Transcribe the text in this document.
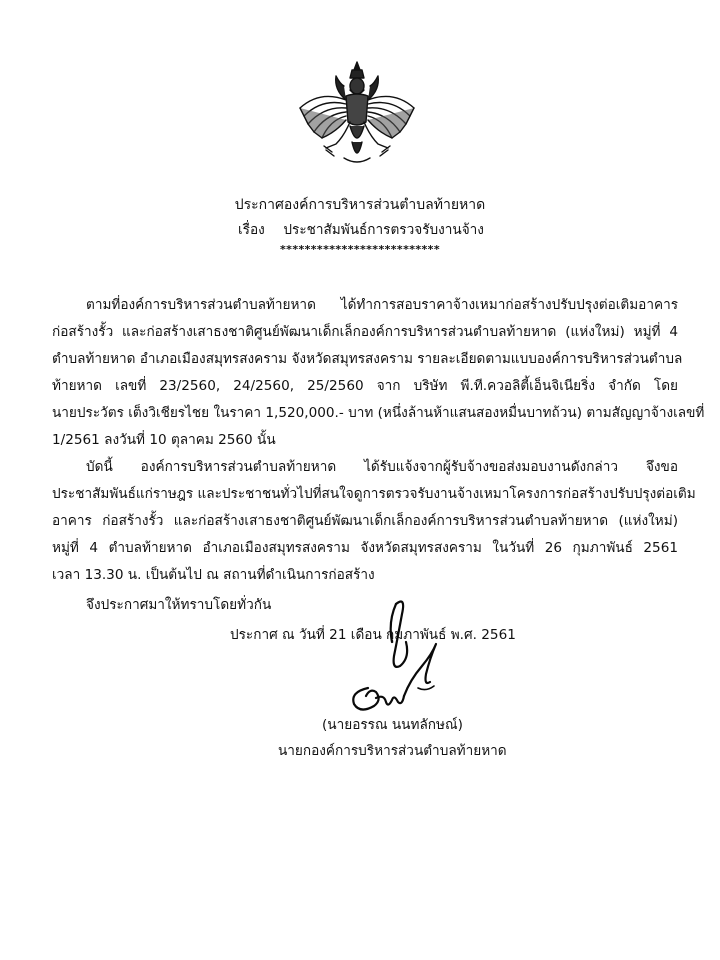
ประกาศองค์การบริหารส่วนตำบลท้ายหาด
เรื่อง ประชาสัมพันธ์การตรวจรับงานจ้าง
**************************
ตามที่องค์การบริหารส่วนตำบลท้ายหาด ได้ทำการสอบราคาจ้างเหมาก่อสร้างปรับปรุงต่อเติมอาคาร
ก่อสร้างรั้ว และก่อสร้างเสาธงชาติศูนย์พัฒนาเด็กเล็กองค์การบริหารส่วนตำบลท้ายหาด (แห่งใหม่) หมู่ที่ 4
ตำบลท้ายหาด อำเภอเมืองสมุทรสงคราม จังหวัดสมุทรสงคราม รายละเอียดตามแบบองค์การบริหารส่วนตำบล
ท้ายหาด เลขที่ 23/2560, 24/2560, 25/2560 จาก บริษัท พี.ที.ควอลิตี้เอ็นจิเนียริ่ง จำกัด โดย
นายประวัตร เต็งวิเชียรไชย ในราคา 1,520,000.- บาท (หนึ่งล้านห้าแสนสองหมื่นบาทถ้วน) ตามสัญญาจ้างเลขที่
1/2561 ลงวันที่ 10 ตุลาคม 2560 นั้น
บัดนี้ องค์การบริหารส่วนตำบลท้ายหาด ได้รับแจ้งจากผู้รับจ้างขอส่งมอบงานดังกล่าว จึงขอ
ประชาสัมพันธ์แก่ราษฎร และประชาชนทั่วไปที่สนใจดูการตรวจรับงานจ้างเหมาโครงการก่อสร้างปรับปรุงต่อเติม
อาคาร ก่อสร้างรั้ว และก่อสร้างเสาธงชาติศูนย์พัฒนาเด็กเล็กองค์การบริหารส่วนตำบลท้ายหาด (แห่งใหม่)
หมู่ที่ 4 ตำบลท้ายหาด อำเภอเมืองสมุทรสงคราม จังหวัดสมุทรสงคราม ในวันที่ 26 กุมภาพันธ์ 2561
เวลา 13.30 น. เป็นต้นไป ณ สถานที่ดำเนินการก่อสร้าง
จึงประกาศมาให้ทราบโดยทั่วกัน
ประกาศ ณ วันที่ 21 เดือน กุมภาพันธ์ พ.ศ. 2561
(นายอรรณ นนทลักษณ์)
นายกองค์การบริหารส่วนตำบลท้ายหาด
